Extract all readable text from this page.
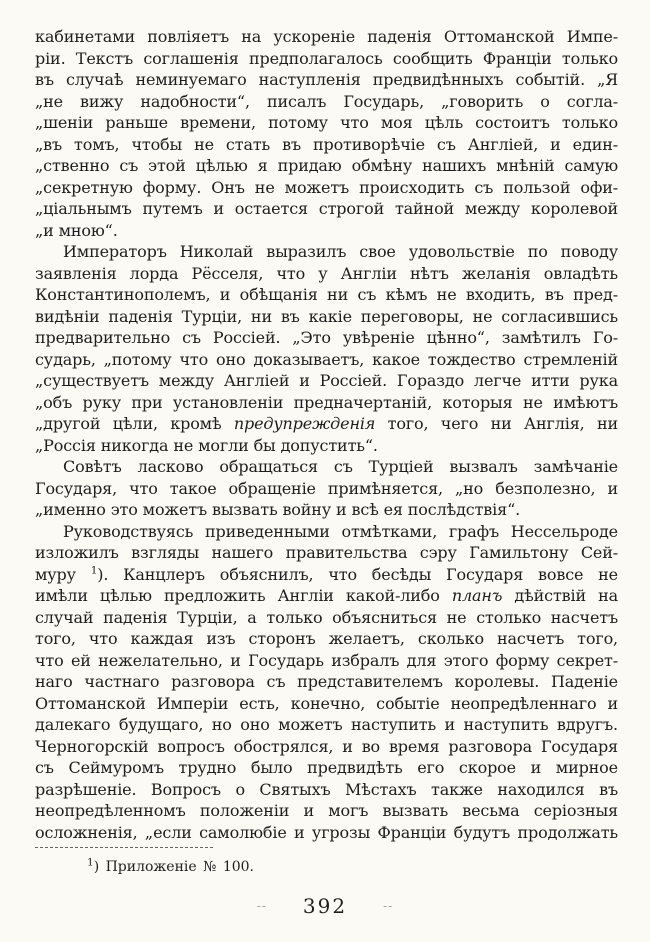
кабинетами повліяетъ на ускореніе паденія Оттоманской Импе-
ріи. Текстъ соглашенія предполагалось сообщить Франціи только
въ случаѣ неминуемаго наступленія предвидѣнныхъ событій. „Я
„не вижу надобности“, писалъ Государь, „говорить о согла-
„шеніи раньше времени, потому что моя цѣль состоитъ только
„въ томъ, чтобы не стать въ противорѣчіе съ Англіей, и един-
„ственно съ этой цѣлью я придаю обмѣну нашихъ мнѣній самую
„секретную форму. Онъ не можетъ происходить съ пользой офи-
„ціальнымъ путемъ и остается строгой тайной между королевой
„и мною“.
Императоръ Николай выразилъ свое удовольствіе по поводу
заявленія лорда Рёсселя, что у Англіи нѣтъ желанія овладѣть
Константинополемъ, и обѣщанія ни съ кѣмъ не входить, въ пред-
видѣніи паденія Турціи, ни въ какіе переговоры, не согласившись
предварительно съ Россіей. „Это увѣреніе цѣнно“, замѣтилъ Го-
сударь, „потому что оно доказываетъ, какое тождество стремленій
„существуетъ между Англіей и Россіей. Гораздо легче итти рука
„объ руку при установленіи предначертаній, которыя не имѣютъ
„другой цѣли, кромѣ предупрежденія того, чего ни Англія, ни
„Россія никогда не могли бы допустить“.
Совѣтъ ласково обращаться съ Турціей вызвалъ замѣчаніе
Государя, что такое обращеніе примѣняется, „но безполезно, и
„именно это можетъ вызвать войну и всѣ ея послѣдствія“.
Руководствуясь приведенными отмѣтками, графъ Нессельроде
изложилъ взгляды нашего правительства сэру Гамильтону Сей-
муру $^1$). Канцлеръ объяснилъ, что бесѣды Государя вовсе не
имѣли цѣлью предложить Англіи какой-либо планъ дѣйствій на
случай паденія Турціи, а только объясниться не столько насчетъ
того, что каждая изъ сторонъ желаетъ, сколько насчетъ того,
что ей нежелательно, и Государь избралъ для этого форму секрет-
наго частнаго разговора съ представителемъ королевы. Паденіе
Оттоманской Имперіи есть, конечно, событіе неопредѣленнаго и
далекаго будущаго, но оно можетъ наступить и наступить вдругъ.
Черногорскій вопросъ обострялся, и во время разговора Государя
съ Сеймуромъ трудно было предвидѣть его скорое и мирное
разрѣшеніе. Вопросъ о Святыхъ Мѣстахъ также находился въ
неопредѣленномъ положеніи и могъ вызвать весьма серіозныя
осложненія, „если самолюбіе и угрозы Франціи будутъ продолжать
$^1$) Приложеніе № 100.
-- 392	--
